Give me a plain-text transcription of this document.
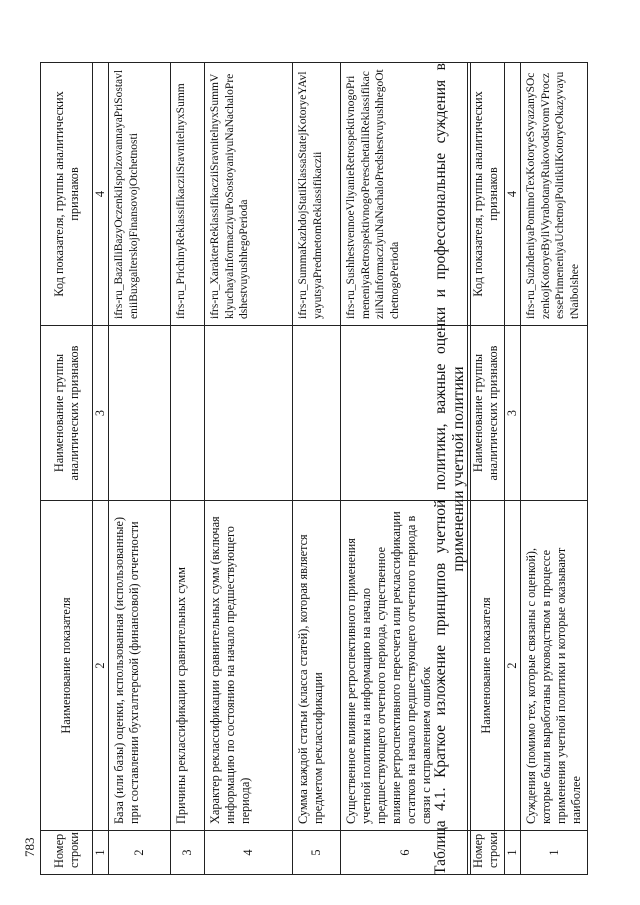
783 Номер строки	Наименование показателя	Наименование группы аналитических признаков	Код показателя, группы аналитических признаков
1	2	3	4
2	База (или базы) оценки, использованная (использованные) при составлении бухгалтерской (финансовой) отчетности		ifrs-ru_BazaIliBazyOczenkiIspolzovannayaPriSostavleniiBuxgalterskojFinansovojOtchetnosti
3	Причины реклассификации сравнительных сумм		ifrs-ru_PrichinyReklassifikacziiSravnitelnyxSumm
4	Характер реклассификации сравнительных сумм (включая информацию по состоянию на начало предшествующего периода)		ifrs-ru_XarakterReklassifikacziiSravnitelnyxSummVklyuchayaInformacziyuPoSostoyaniyuNaNachaloPredshestvuyushhegoPerioda
5	Сумма каждой статьи (класса статей), которая является предметом реклассификации		ifrs-ru_SummaKazhdojStatiKlassaStatejKotoryeYAvlyayutsyaPredmetomReklassifikaczii
6	Существенное влияние ретроспективного применения учетной политики на информацию на начало предшествующего отчетного периода, существенное влияние ретроспективного пересчета или реклассификации остатков на начало предшествующего отчетного периода в связи с исправлением ошибок		ifrs-ru_SushhestvennoeVliyanieRetrospektivnogoPrimeneniyaRetrospektivnogoPereschetaIliReklassifikacziiNaInformacziyuNaNachaloPredshestvuyushhegoOtchetnogoPerioda Таблица 4.1. Краткое изложение принципов учетной политики, важные оценки и профессиональные суждения в применении учетной политики
Номер строки	Наименование показателя	Наименование группы аналитических признаков	Код показателя, группы аналитических признаков
1	2	3	4
1	Суждения (помимо тех, которые связаны с оценкой), которые были выработаны руководством в процессе применения учетной политики и которые оказывают наиболее		ifrs-ru_SuzhdeniyaPomimoTexKotoryeSvyazanySOczenkojKotoryeByliVyrabotanyRukovodstvomVProczessePrimeneniyaUchetnojPolitikiIKotoryeOkazyvayutNaibolshee
